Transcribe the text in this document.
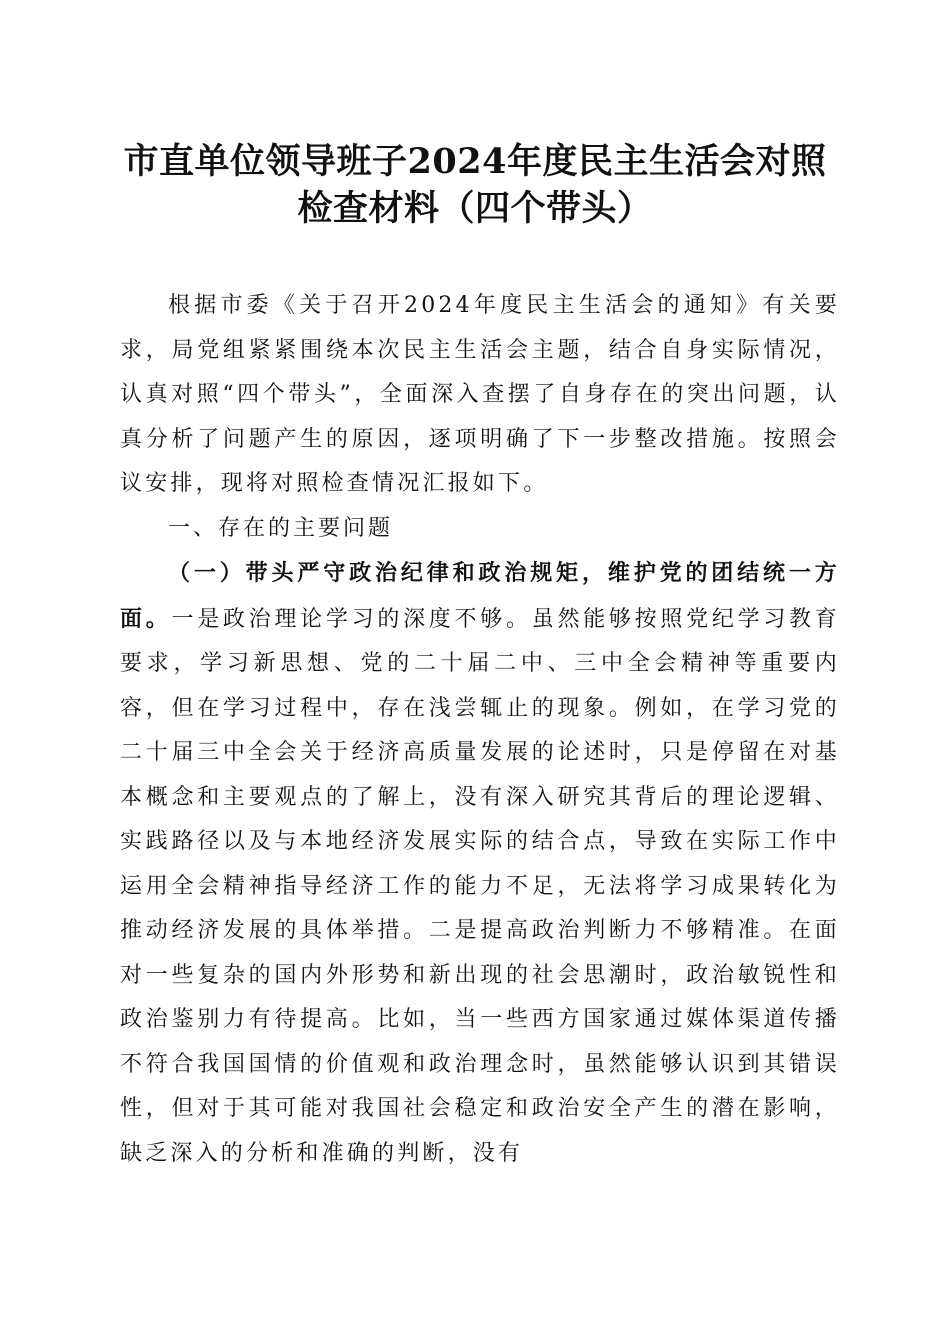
市直单位领导班子2024年度民主生活会对照
检查材料（四个带头）

根据市委《关于召开2024年度民主生活会的通知》有关要求，局党组紧紧围绕本次民主生活会主题，结合自身实际情况，认真对照“四个带头”，全面深入查摆了自身存在的突出问题，认真分析了问题产生的原因，逐项明确了下一步整改措施。按照会议安排，现将对照检查情况汇报如下。

一、存在的主要问题

（一）带头严守政治纪律和政治规矩，维护党的团结统一方面。一是政治理论学习的深度不够。虽然能够按照党纪学习教育要求，学习新思想、党的二十届二中、三中全会精神等重要内容，但在学习过程中，存在浅尝辄止的现象。例如，在学习党的二十届三中全会关于经济高质量发展的论述时，只是停留在对基本概念和主要观点的了解上，没有深入研究其背后的理论逻辑、实践路径以及与本地经济发展实际的结合点，导致在实际工作中运用全会精神指导经济工作的能力不足，无法将学习成果转化为推动经济发展的具体举措。二是提高政治判断力不够精准。在面对一些复杂的国内外形势和新出现的社会思潮时，政治敏锐性和政治鉴别力有待提高。比如，当一些西方国家通过媒体渠道传播不符合我国国情的价值观和政治理念时，虽然能够认识到其错误性，但对于其可能对我国社会稳定和政治安全产生的潜在影响，缺乏深入的分析和准确的判断，没有
